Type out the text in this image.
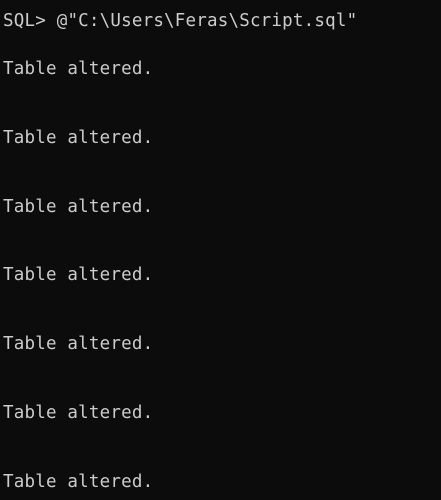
SQL> @"C:\Users\Feras\Script.sql"
Table altered.
Table altered.
Table altered.
Table altered.
Table altered.
Table altered.
Table altered.
